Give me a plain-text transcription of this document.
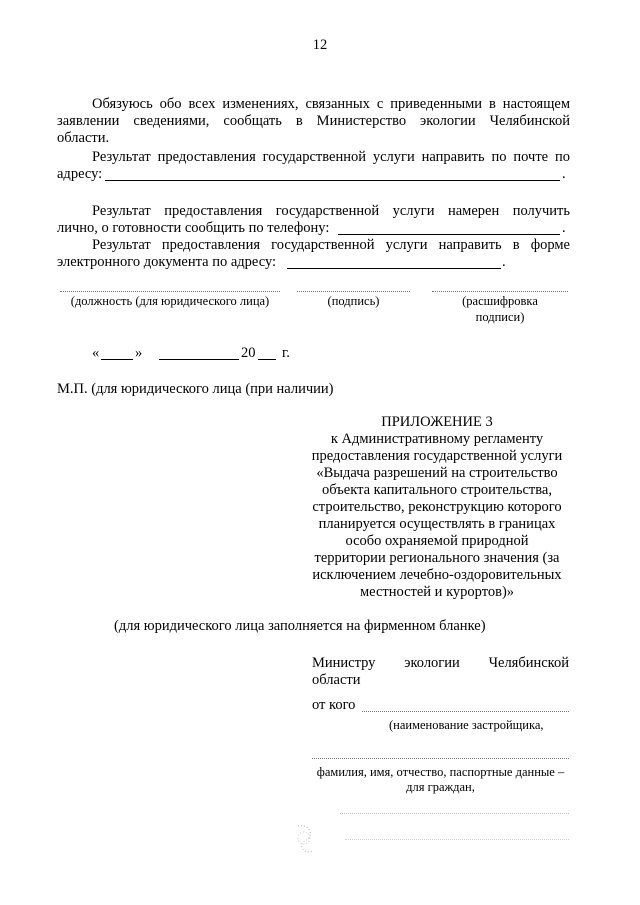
12
Обязуюсь обо всех изменениях, связанных с приведенными в настоящем
заявлении сведениями, сообщать в Министерство экологии Челябинской
области.
Результат предоставления государственной услуги направить по почте по
адресу:	.
Результат предоставления государственной услуги намерен получить
лично, о готовности сообщить по телефону:	.
Результат предоставления государственной услуги направить в форме
электронного документа по адресу:	.
(должность (для юридического лица)	(подпись)	(расшифровка
подписи)
« »	20 г.
М.П. (для юридического лица (при наличии)
ПРИЛОЖЕНИЕ 3
к Административному регламенту
предоставления государственной услуги
«Выдача разрешений на строительство
объекта капитального строительства,
строительство, реконструкцию которого
планируется осуществлять в границах
особо охраняемой природной
территории регионального значения (за
исключением лечебно-оздоровительных
местностей и курортов)»
(для юридического лица заполняется на фирменном бланке)
Министру экологии Челябинской
области
от кого
(наименование застройщика,
фамилия, имя, отчество, паспортные данные –
для граждан,
